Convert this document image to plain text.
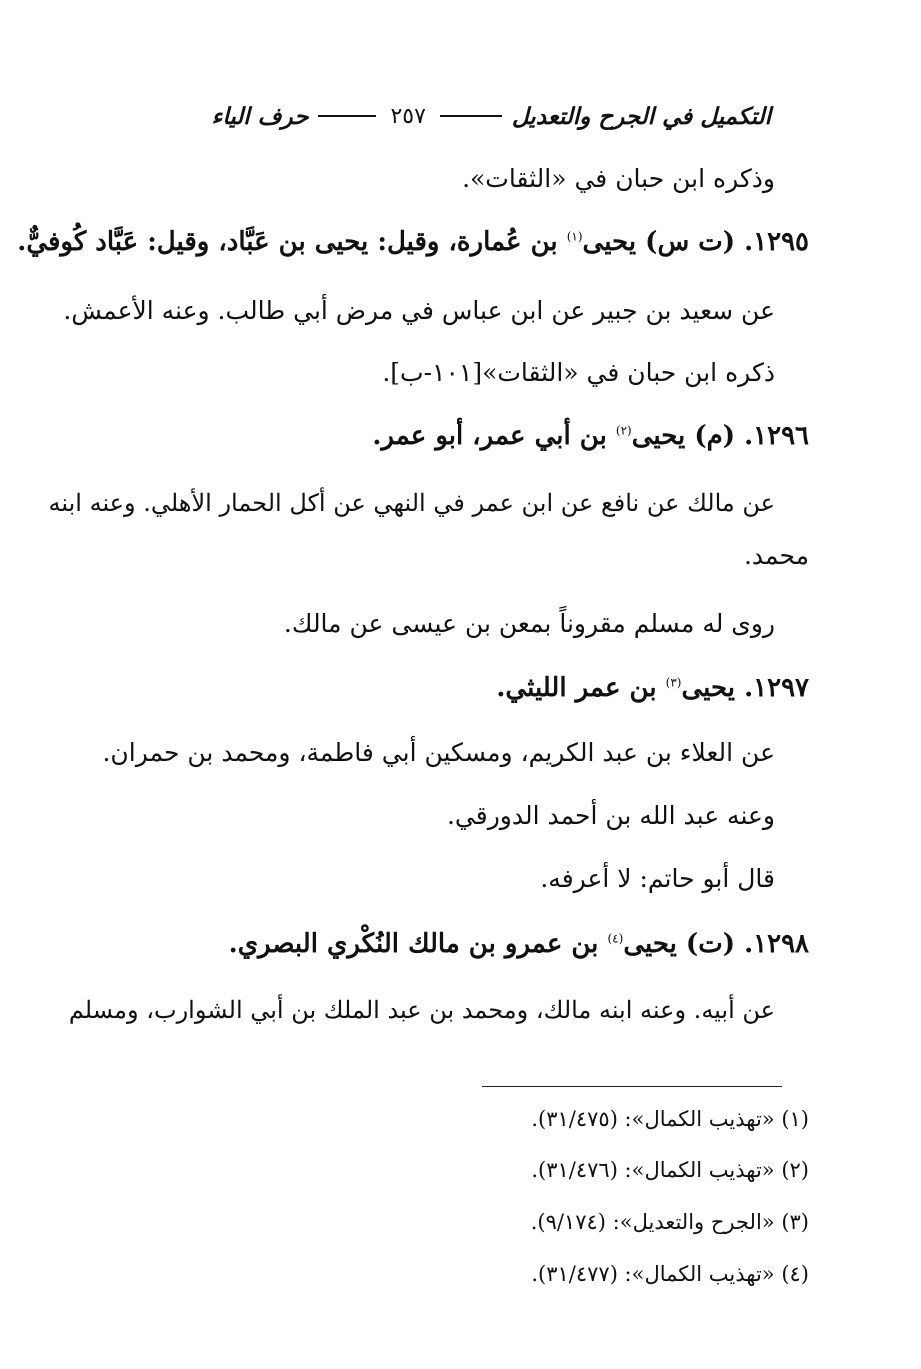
التكميل في الجرح والتعديل
٢٥٧
حرف الياء
وذكره ابن حبان في «الثقات».
١٢٩٥. (ت س) يحيى$^{(١)}$ بن عُمارة، وقيل: يحيى بن عَبَّاد، وقيل: عَبَّاد كُوفيٌّ.
عن سعيد بن جبير عن ابن عباس في مرض أبي طالب. وعنه الأعمش.
ذكره ابن حبان في «الثقات»[١٠١-ب].
١٢٩٦. (م) يحيى$^{(٢)}$ بن أبي عمر، أبو عمر.
عن مالك عن نافع عن ابن عمر في النهي عن أكل الحمار الأهلي. وعنه ابنه
محمد.
روى له مسلم مقروناً بمعن بن عيسى عن مالك.
١٢٩٧. يحيى$^{(٣)}$ بن عمر الليثي.
عن العلاء بن عبد الكريم، ومسكين أبي فاطمة، ومحمد بن حمران.
وعنه عبد الله بن أحمد الدورقي.
قال أبو حاتم: لا أعرفه.
١٢٩٨. (ت) يحيى$^{(٤)}$ بن عمرو بن مالك النُكْري البصري.
عن أبيه. وعنه ابنه مالك، ومحمد بن عبد الملك بن أبي الشوارب، ومسلم
(١) «تهذيب الكمال»: (٣١/٤٧٥).
(٢) «تهذيب الكمال»: (٣١/٤٧٦).
(٣) «الجرح والتعديل»: (٩/١٧٤).
(٤) «تهذيب الكمال»: (٣١/٤٧٧).
